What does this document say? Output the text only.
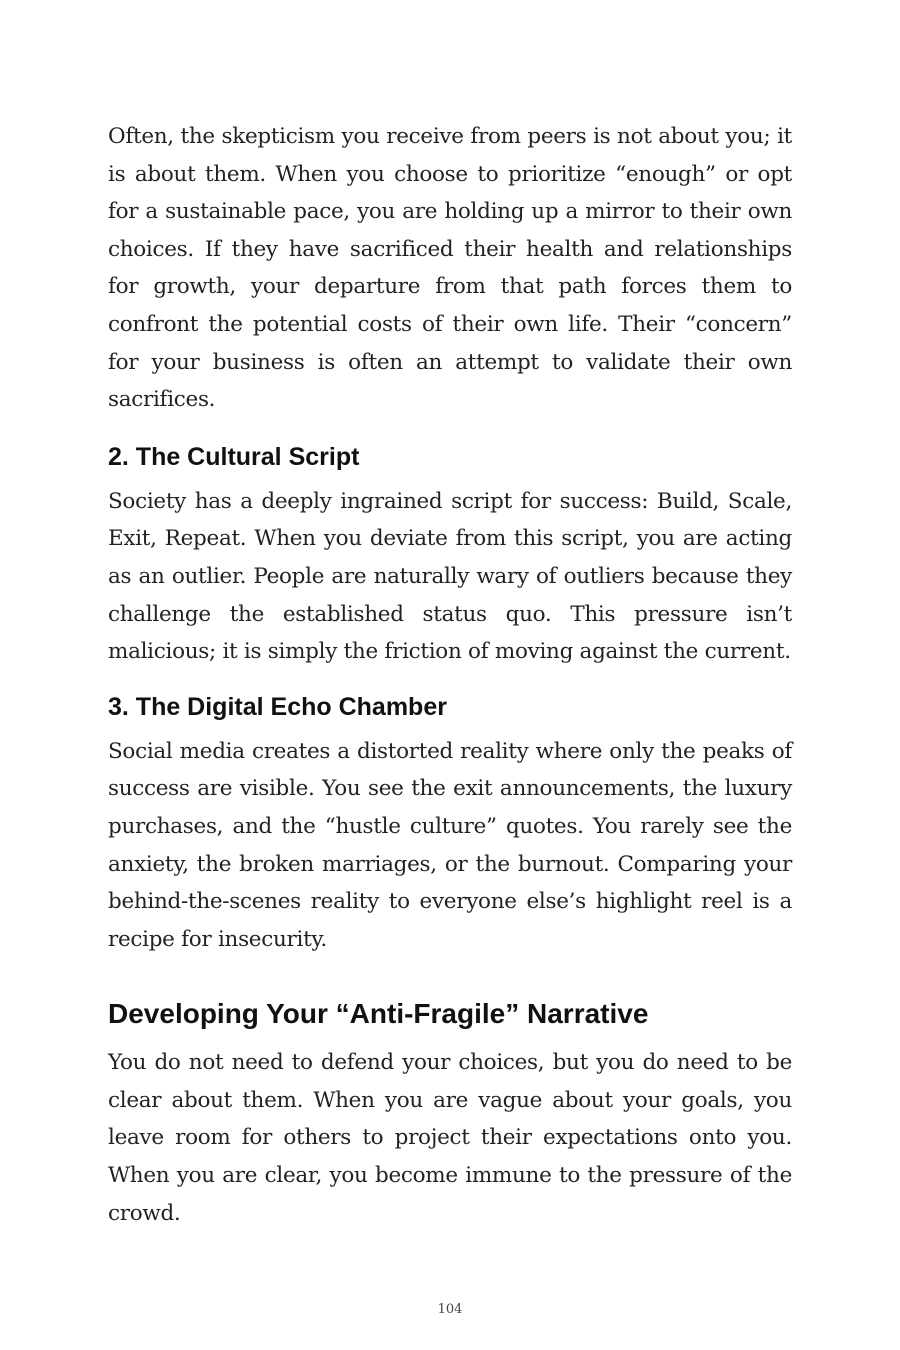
Often, the skepticism you receive from peers is not about you; it is about them. When you choose to prioritize “enough” or opt for a sustainable pace, you are holding up a mirror to their own choices. If they have sacrificed their health and relationships for growth, your departure from that path forces them to confront the potential costs of their own life. Their “concern” for your business is often an attempt to validate their own sacrifices.

2. The Cultural Script

Society has a deeply ingrained script for success: Build, Scale, Exit, Repeat. When you deviate from this script, you are acting as an outlier. People are naturally wary of outliers because they challenge the established status quo. This pressure isn’t malicious; it is simply the friction of moving against the current.

3. The Digital Echo Chamber

Social media creates a distorted reality where only the peaks of success are visible. You see the exit announcements, the luxury purchases, and the “hustle culture” quotes. You rarely see the anxiety, the broken marriages, or the burnout. Comparing your behind-the-scenes reality to everyone else’s highlight reel is a recipe for insecurity.

Developing Your “Anti-Fragile” Narrative

You do not need to defend your choices, but you do need to be clear about them. When you are vague about your goals, you leave room for others to project their expectations onto you. When you are clear, you become immune to the pressure of the crowd.

104
